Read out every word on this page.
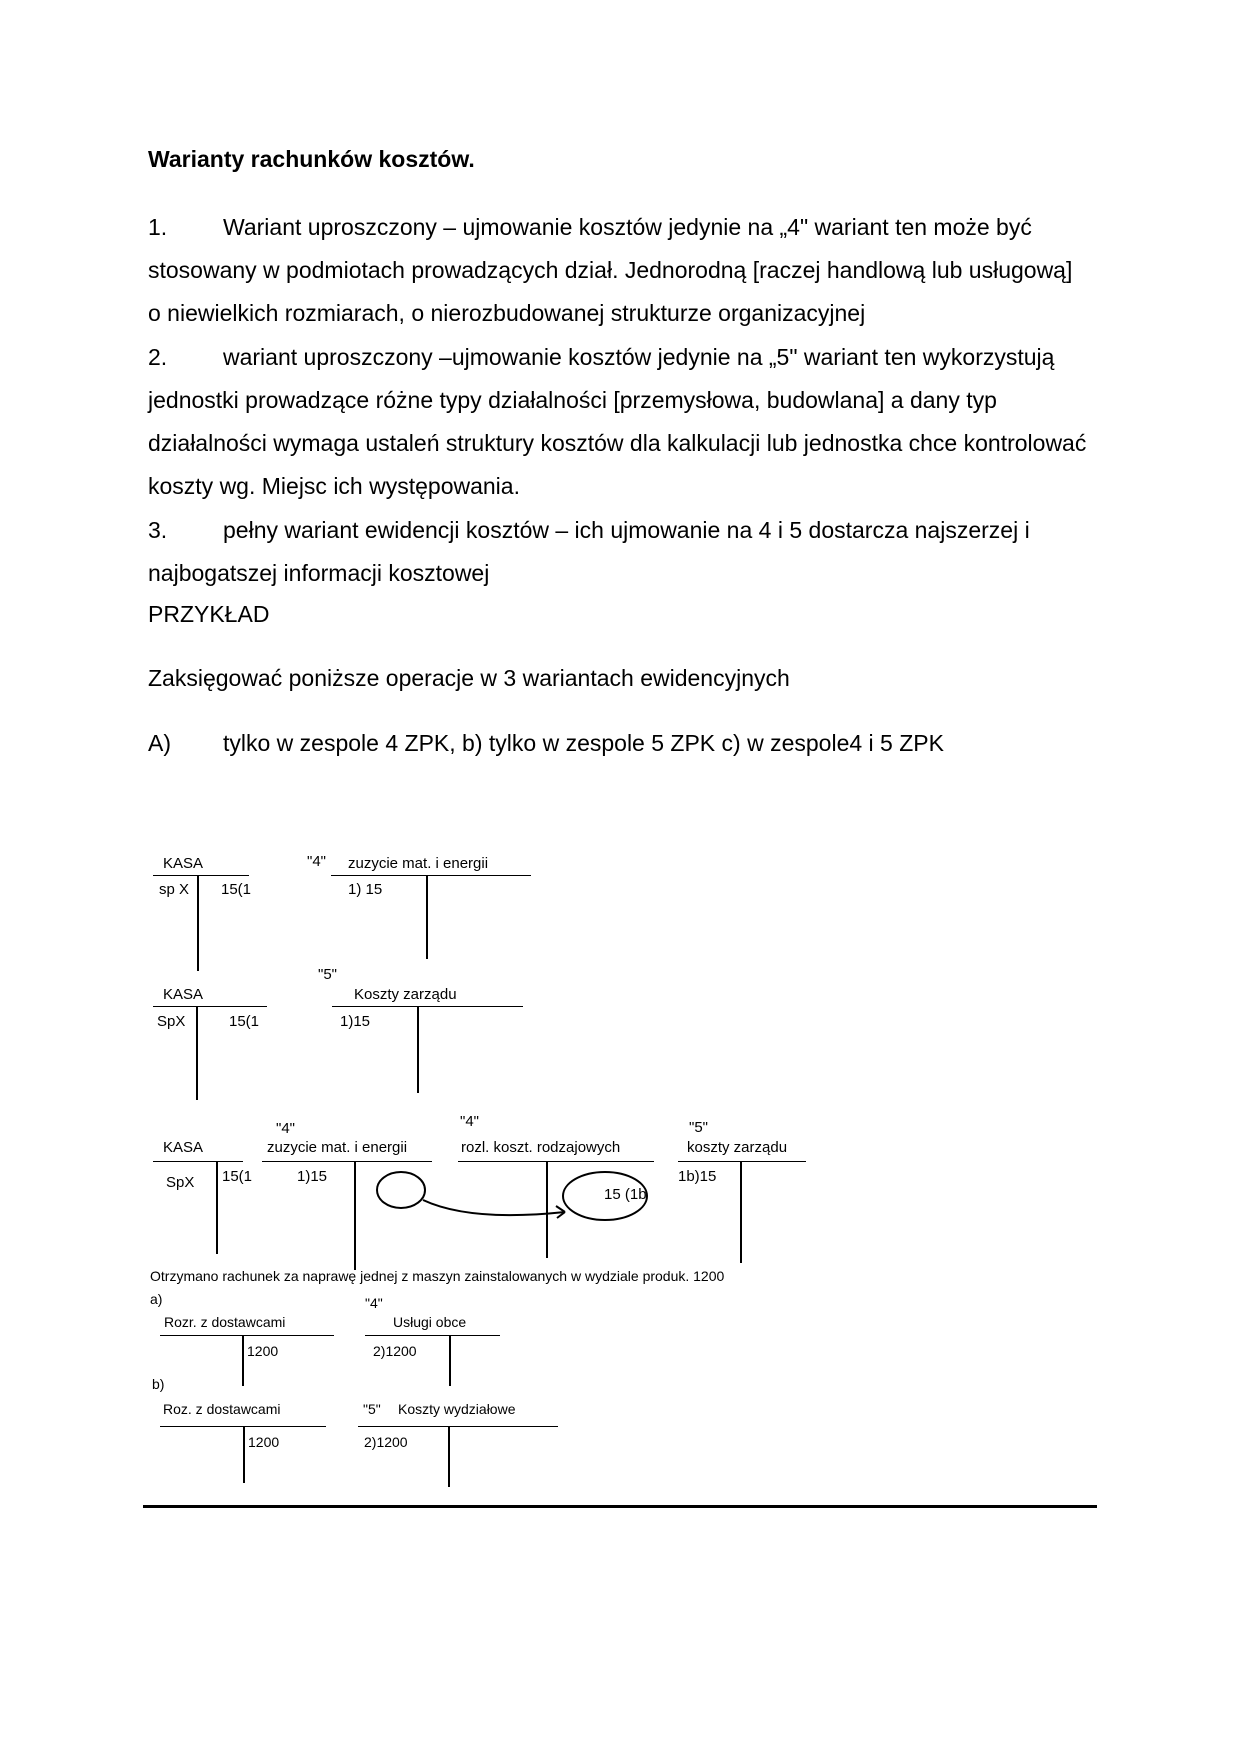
Warianty rachunków kosztów.
1. Wariant uproszczony – ujmowanie kosztów jedynie na „4" wariant ten może być stosowany w podmiotach prowadzących dział. Jednorodną [raczej handlową lub usługową] o niewielkich rozmiarach, o nierozbudowanej strukturze organizacyjnej
2. wariant uproszczony –ujmowanie kosztów jedynie na „5" wariant ten wykorzystują jednostki prowadzące różne typy działalności [przemysłowa, budowlana] a dany typ działalności wymaga ustaleń struktury kosztów dla kalkulacji lub jednostka chce kontrolować koszty wg. Miejsc ich występowania.
3. pełny wariant ewidencji kosztów – ich ujmowanie na 4 i 5 dostarcza najszerzej i najbogatszej informacji kosztowej
PRZYKŁAD
Zaksięgować poniższe operacje w 3 wariantach ewidencyjnych
A) tylko w zespole 4 ZPK, b) tylko w zespole 5 ZPK c) w zespole4 i 5 ZPK
KASA
sp X 15(1
"4" zuzycie mat. i energii
1) 15
KASA
SpX	15(1
"5"
Koszty zarządu
1)15
KASA
SpX 15(1
"4"
zuzycie mat. i energii
1)15
"4"
rozl. koszt. rodzajowych
15 (1b
"5"
koszty zarządu
1b)15
Otrzymano rachunek za naprawę jednej z maszyn zainstalowanych w wydziale produk. 1200
a)
Rozr. z dostawcami
1200
"4"
Usługi obce
2)1200
b)
Roz. z dostawcami
1200
"5" Koszty wydziałowe
2)1200
